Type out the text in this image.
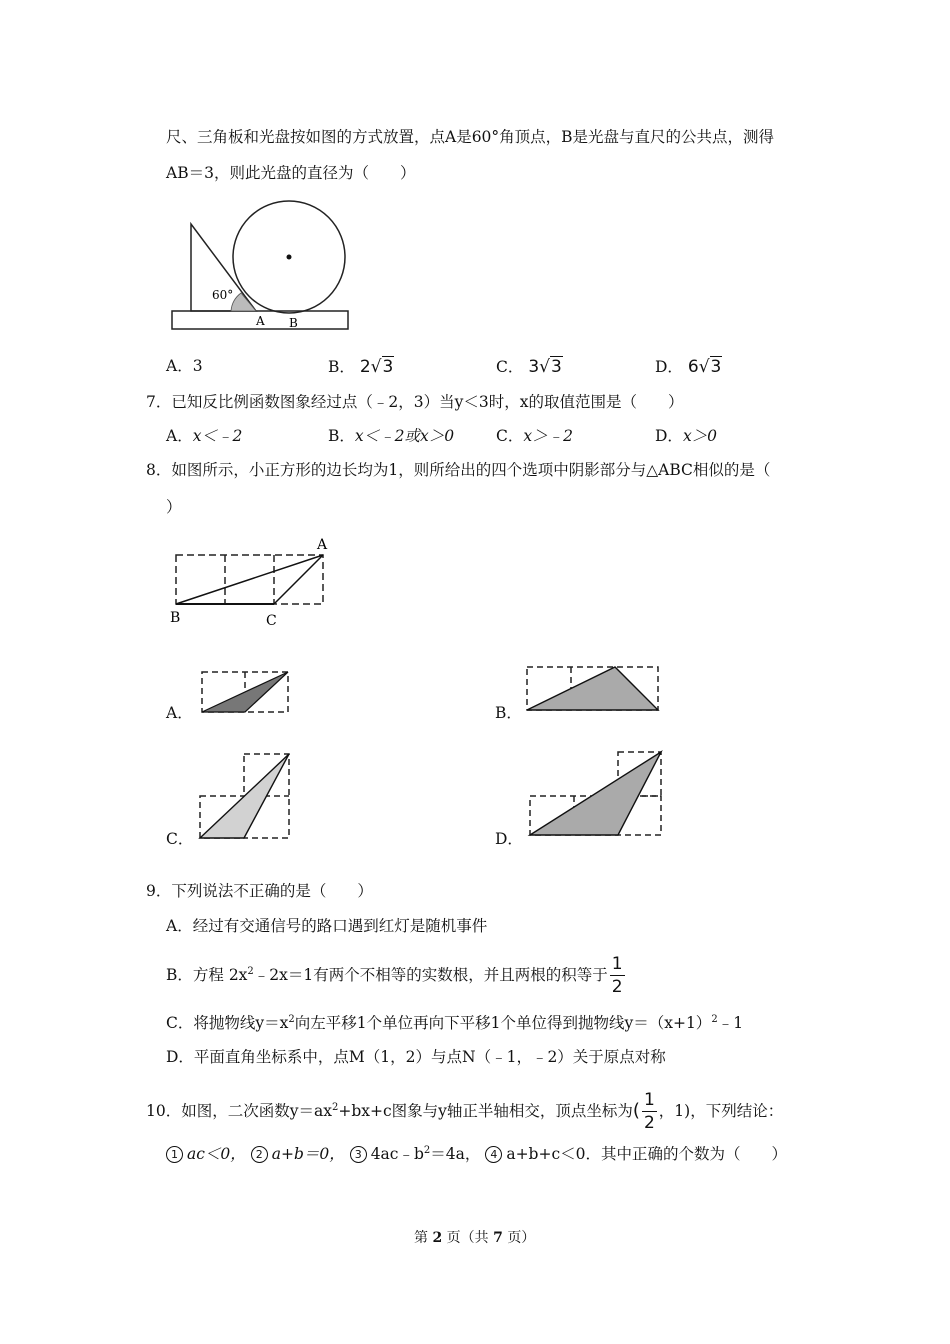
尺、三角板和光盘按如图的方式放置，点A是60°角顶点，B是光盘与直尺的公共点，测得
AB＝3，则此光盘的直径为（　　）
60°
A B
A．3	B． 2√3	C． 3√3	D． 6√3
7．已知反比例函数图象经过点（﹣2，3）当y＜3时，x的取值范围是（　　）
A．x＜﹣2	B．x＜﹣2或x＞0	C．x＞﹣2	D．x＞0
8．如图所示，小正方形的边长均为1，则所给出的四个选项中阴影部分与△ABC相似的是（
）
A
B	C
A．	B．
C．	D．
9．下列说法不正确的是（　　）
A．经过有交通信号的路口遇到红灯是随机事件
B．方程 $2x^2﹣2x=1$有两个不相等的实数根，并且两根的积等于 $\frac{1}{2}$
C．将抛物线$y=x^2$向左平移1个单位再向下平移1个单位得到抛物线$y=(x+1)^2﹣1$
D．平面直角坐标系中，点M（1，2）与点N（﹣1，﹣2）关于原点对称
10．如图，二次函数$y=ax^2+bx+c$图象与y轴正半轴相交，顶点坐标为( $\frac{1}{2}$ ，1)，下列结论：
1 ac＜0， 2 a+b＝0， 3 $4ac﹣b^2=4a$， 4 a+b+c＜0．其中正确的个数为（　　）
第 2 页（共 7 页）
